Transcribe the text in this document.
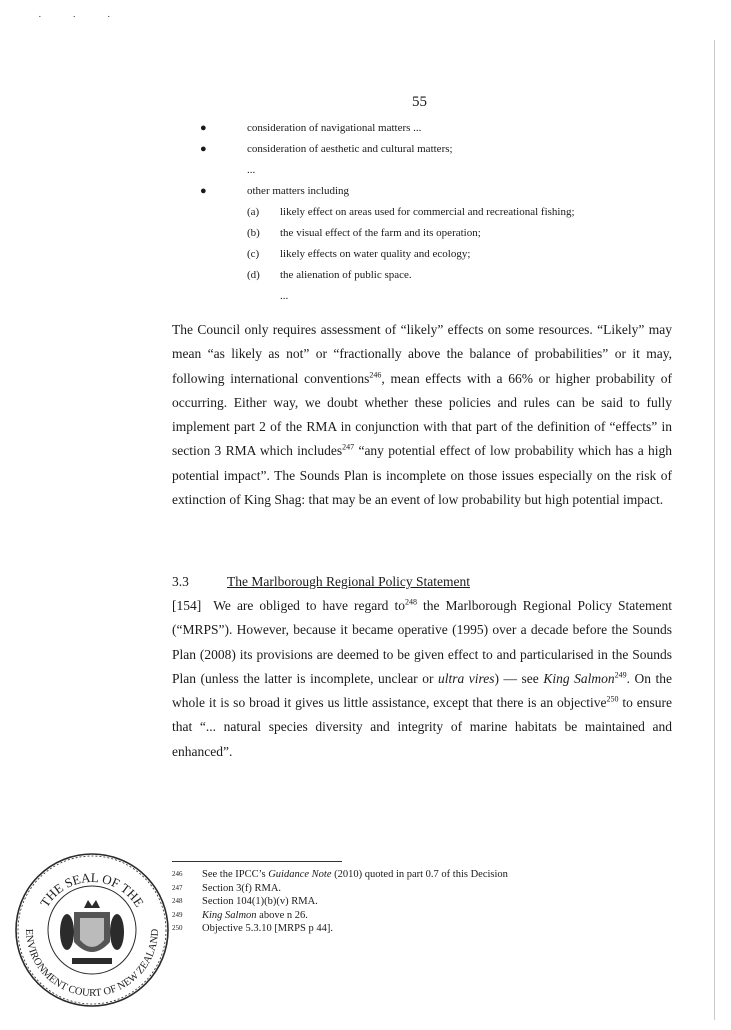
˙ ˙ ˙
55
●	consideration of navigational matters ...
●	consideration of aesthetic and cultural matters;
...
●	other matters including
(a)	likely effect on areas used for commercial and recreational fishing;
(b)	the visual effect of the farm and its operation;
(c)	likely effects on water quality and ecology;
(d)	the alienation of public space.
...
The Council only requires assessment of “likely” effects on some resources. “Likely” may mean “as likely as not” or “fractionally above the balance of probabilities” or it may, following international conventions$^{246}$, mean effects with a 66% or higher probability of occurring. Either way, we doubt whether these policies and rules can be said to fully implement part 2 of the RMA in conjunction with that part of the definition of “effects” in section 3 RMA which includes$^{247}$ “any potential effect of low probability which has a high potential impact”. The Sounds Plan is incomplete on those issues especially on the risk of extinction of King Shag: that may be an event of low probability but high potential impact.
3.3	The Marlborough Regional Policy Statement
[154]  We are obliged to have regard $to^{248}$ the Marlborough Regional Policy Statement (“MRPS”). However, because it became operative (1995) over a decade before the Sounds Plan (2008) its provisions are deemed to be given effect to and particularised in the Sounds Plan (unless the latter is incomplete, unclear or ultra vires) — see King Salmon$^{249}$. On the whole it is so broad it gives us little assistance, except that there is an objective$^{250}$ to ensure that “... natural species diversity and integrity of marine habitats be maintained and enhanced”.
246	See the IPCC’s Guidance Note (2010) quoted in part 0.7 of this Decision
247	Section 3(f) RMA.
248	Section 104(1)(b)(v) RMA.
249	King Salmon above n 26.
250	Objective 5.3.10 [MRPS p 44].
THE SEAL OF THE
ENVIRONMENT COURT OF NEW ZEALAND
